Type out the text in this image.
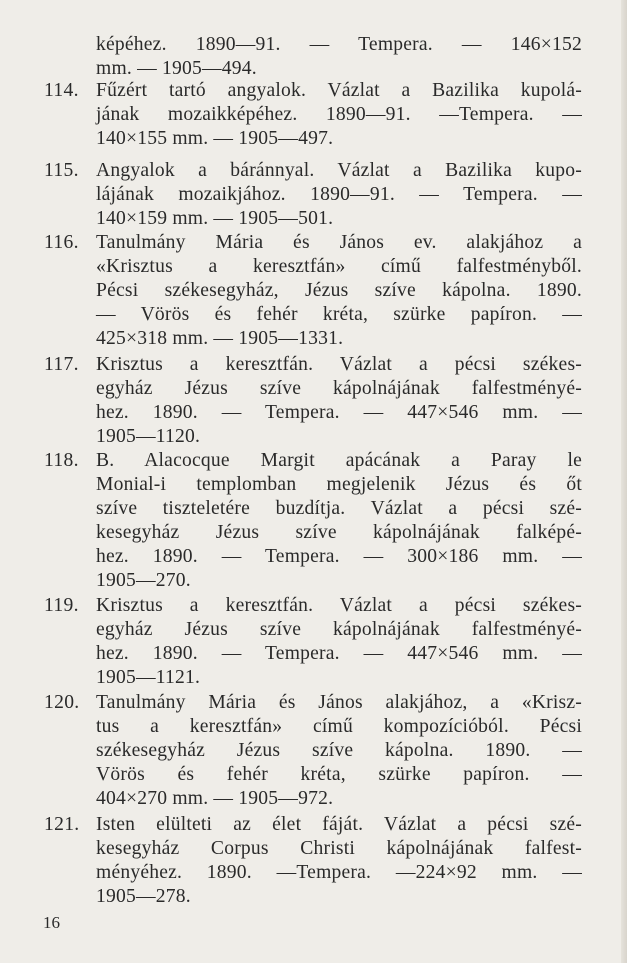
képéhez. 1890—91. — Tempera. — 146×152
mm. — 1905—494.
114. Fűzért tartó angyalok. Vázlat a Bazilika kupolá-
jának mozaikképéhez. 1890—91. —Tempera. —
140×155 mm. — 1905—497.
115. Angyalok a báránnyal. Vázlat a Bazilika kupo-
lájának mozaikjához. 1890—91. — Tempera. —
140×159 mm. — 1905—501.
116. Tanulmány Mária és János ev. alakjához a
«Krisztus a keresztfán» című falfestményből.
Pécsi székesegyház, Jézus szíve kápolna. 1890.
— Vörös és fehér kréta, szürke papíron. —
425×318 mm. — 1905—1331.
117. Krisztus a keresztfán. Vázlat a pécsi székes-
egyház Jézus szíve kápolnájának falfestményé-
hez. 1890. — Tempera. — 447×546 mm. —
1905—1120.
118. B. Alacocque Margit apácának a Paray le
Monial-i templomban megjelenik Jézus és őt
szíve tiszteletére buzdítja. Vázlat a pécsi szé-
kesegyház Jézus szíve kápolnájának falképé-
hez. 1890. — Tempera. — 300×186 mm. —
1905—270.
119. Krisztus a keresztfán. Vázlat a pécsi székes-
egyház Jézus szíve kápolnájának falfestményé-
hez. 1890. — Tempera. — 447×546 mm. —
1905—1121.
120. Tanulmány Mária és János alakjához, a «Krisz-
tus a keresztfán» című kompozícióból. Pécsi
székesegyház Jézus szíve kápolna. 1890. —
Vörös és fehér kréta, szürke papíron. —
404×270 mm. — 1905—972.
121. Isten elülteti az élet fáját. Vázlat a pécsi szé-
kesegyház Corpus Christi kápolnájának falfest-
ményéhez. 1890. —Tempera. —224×92 mm. —
1905—278.
16
